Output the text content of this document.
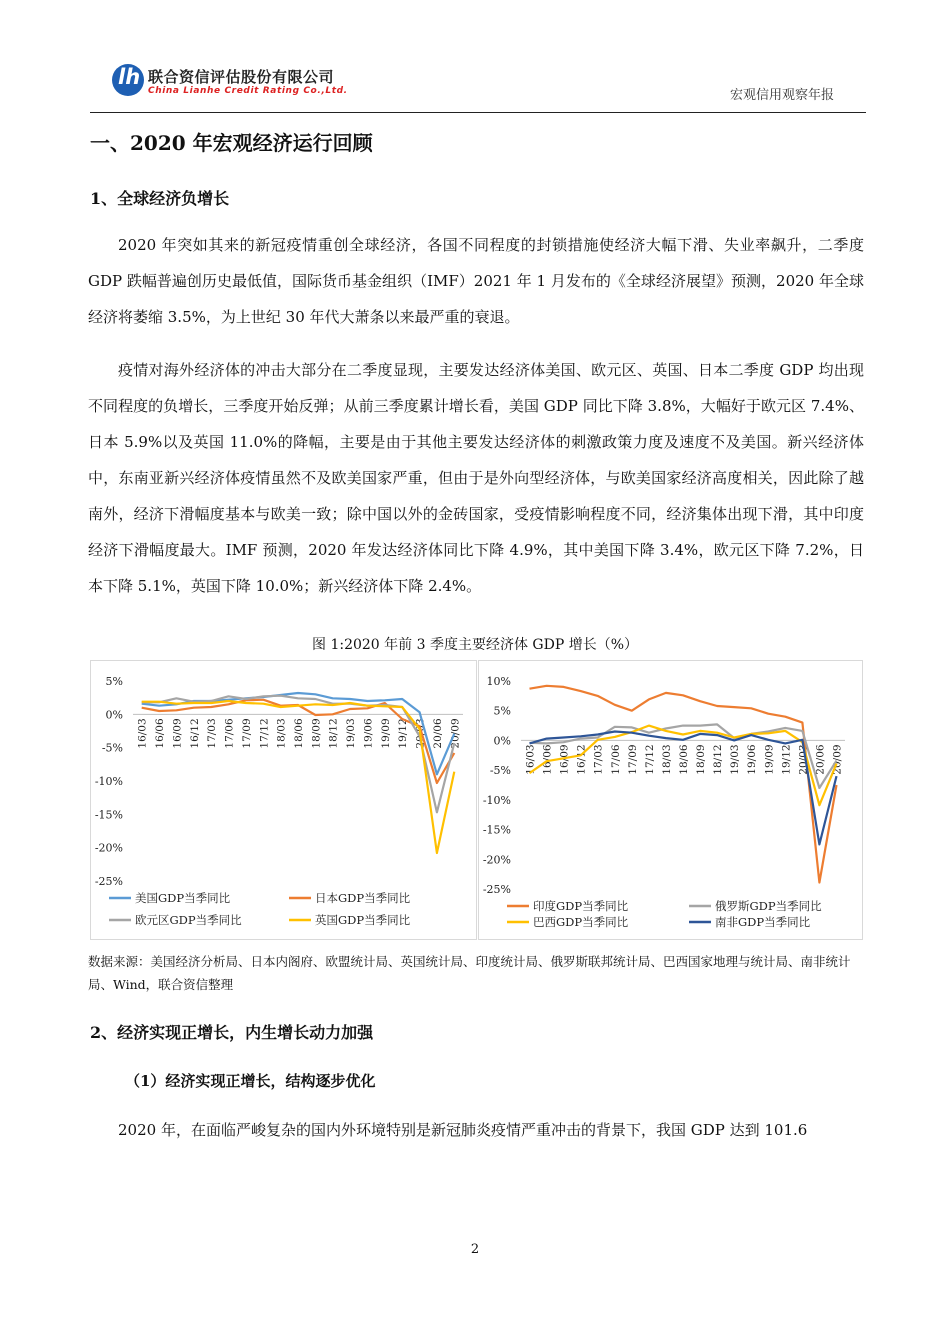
lh 联合资信评估股份有限公司
China Lianhe Credit Rating Co.,Ltd.	宏观信用观察年报
一、2020 年宏观经济运行回顾
1、全球经济负增长

2020 年突如其来的新冠疫情重创全球经济，各国不同程度的封锁措施使经济大幅下滑、失业率飙升，二季度 GDP 跌幅普遍创历史最低值，国际货币基金组织（IMF）2021 年 1 月发布的《全球经济展望》预测，2020 年全球经济将萎缩 3.5%，为上世纪 30 年代大萧条以来最严重的衰退。

疫情对海外经济体的冲击大部分在二季度显现，主要发达经济体美国、欧元区、英国、日本二季度 GDP 均出现不同程度的负增长，三季度开始反弹；从前三季度累计增长看，美国 GDP 同比下降 3.8%，大幅好于欧元区 7.4%、日本 5.9%以及英国 11.0%的降幅，主要是由于其他主要发达经济体的刺激政策力度及速度不及美国。新兴经济体中，东南亚新兴经济体疫情虽然不及欧美国家严重，但由于是外向型经济体，与欧美国家经济高度相关，因此除了越南外，经济下滑幅度基本与欧美一致；除中国以外的金砖国家，受疫情影响程度不同，经济集体出现下滑，其中印度经济下滑幅度最大。IMF 预测，2020 年发达经济体同比下降 4.9%，其中美国下降 3.4%，欧元区下降 7.2%，日本下降 5.1%，英国下降 10.0%；新兴经济体下降 2.4%。

图 1:2020 年前 3 季度主要经济体 GDP 增长（%）
5%
0%
-5%
-10%
-15%
-20%
-25%
16/03 16/06 16/09 16/12 17/03 17/06 17/09 17/12 18/03 18/06 18/09 18/12 19/03 19/06 19/09 19/12 20/03 20/06 20/09
美国GDP当季同比	日本GDP当季同比
欧元区GDP当季同比	英国GDP当季同比
10%
5%
0%
-5%
-10%
-15%
-20%
-25%
16/03 16/06 16/09 16/12 17/03 17/06 17/09 17/12 18/03 18/06 18/09 18/12 19/03 19/06 19/09 19/12 20/03 20/06 20/09
印度GDP当季同比	俄罗斯GDP当季同比
巴西GDP当季同比	南非GDP当季同比

数据来源：美国经济分析局、日本内阁府、欧盟统计局、英国统计局、印度统计局、俄罗斯联邦统计局、巴西国家地理与统计局、南非统计局、Wind，联合资信整理

2、经济实现正增长，内生增长动力加强
（1）经济实现正增长，结构逐步优化

2020 年，在面临严峻复杂的国内外环境特别是新冠肺炎疫情严重冲击的背景下，我国 GDP 达到 101.6

2
